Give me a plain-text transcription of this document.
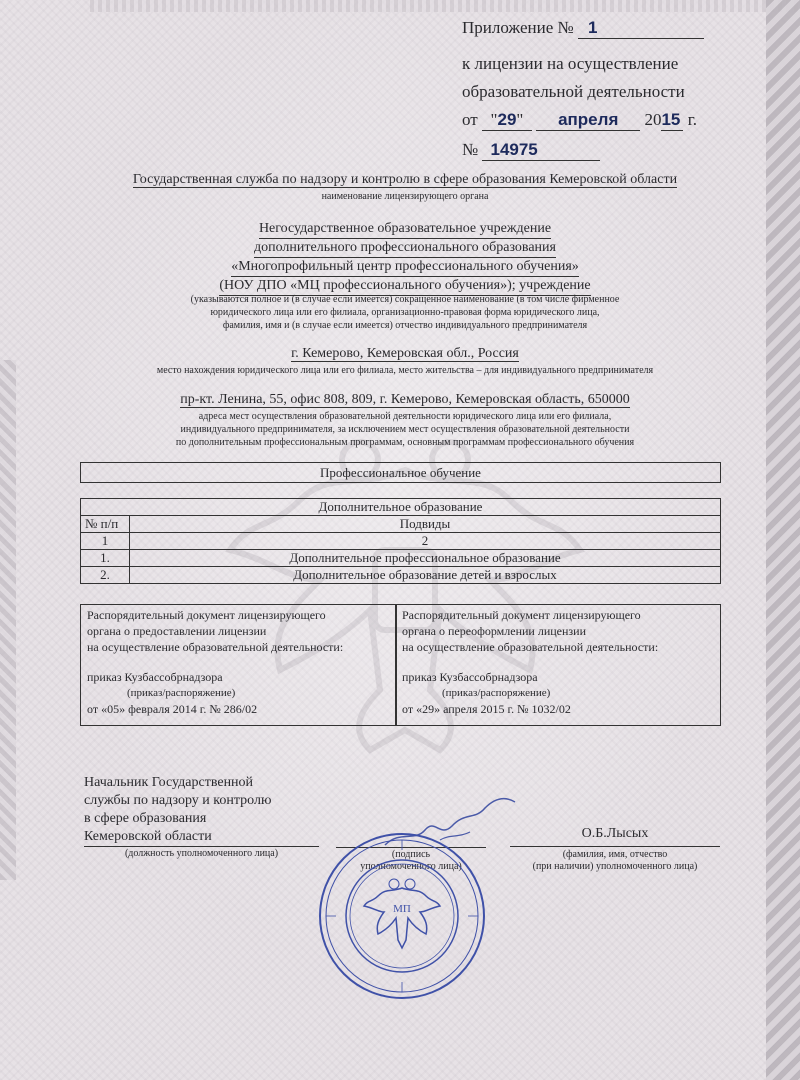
Приложение № 1
к лицензии на осуществление
образовательной деятельности
от "29" апреля 2015 г.
№ 14975
Государственная служба по надзору и контролю в сфере образования Кемеровской области
наименование лицензирующего органа
Негосударственное образовательное учреждение
дополнительного профессионального образования
«Многопрофильный центр профессионального обучения»
(НОУ ДПО «МЦ профессионального обучения»); учреждение
(указываются полное и (в случае если имеется) сокращенное наименование (в том числе фирменное
юридического лица или его филиала, организационно-правовая форма юридического лица,
фамилия, имя и (в случае если имеется) отчество индивидуального предпринимателя
г. Кемерово, Кемеровская обл., Россия
место нахождения юридического лица или его филиала, место жительства – для индивидуального предпринимателя
пр-кт. Ленина, 55, офис 808, 809, г. Кемерово, Кемеровская область, 650000
адреса мест осуществления образовательной деятельности юридического лица или его филиала,
индивидуального предпринимателя, за исключением мест осуществления образовательной деятельности
по дополнительным профессиональным программам, основным программам профессионального обучения
Профессиональное обучение
Дополнительное образование	
№ п/п	Подвиды
1	2
1.	Дополнительное профессиональное образование
2.	Дополнительное образование детей и взрослых
Распорядительный документ лицензирующего
органа о предоставлении лицензии
на осуществление образовательной деятельности:
приказ Кузбассобрнадзора
(приказ/распоряжение)
от «05» февраля 2014 г. № 286/02
Распорядительный документ лицензирующего
органа о переоформлении лицензии
на осуществление образовательной деятельности:
приказ Кузбассобрнадзора
(приказ/распоряжение)
от «29» апреля 2015 г. № 1032/02
Начальник Государственной
службы по надзору и контролю
в сфере образования
Кемеровской области
(должность уполномоченного лица)	(подпись
уполномоченного лица)
О.Б.Лысых
(фамилия, имя, отчество
(при наличии) уполномоченного лица)
МП
